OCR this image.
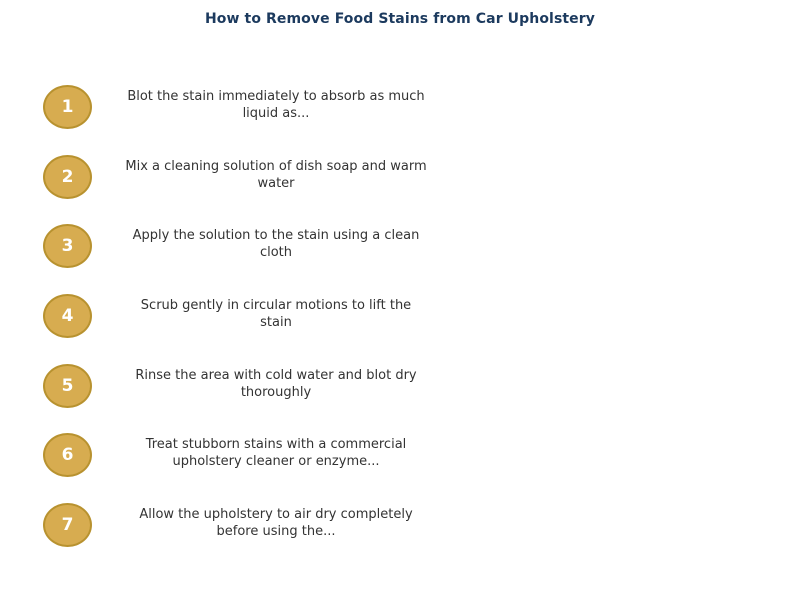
How to Remove Food Stains from Car Upholstery
1
Blot the stain immediately to absorb as much
liquid as...
2
Mix a cleaning solution of dish soap and warm
water
3
Apply the solution to the stain using a clean
cloth
4
Scrub gently in circular motions to lift the
stain
5
Rinse the area with cold water and blot dry
thoroughly
6
Treat stubborn stains with a commercial
upholstery cleaner or enzyme...
7
Allow the upholstery to air dry completely
before using the...
